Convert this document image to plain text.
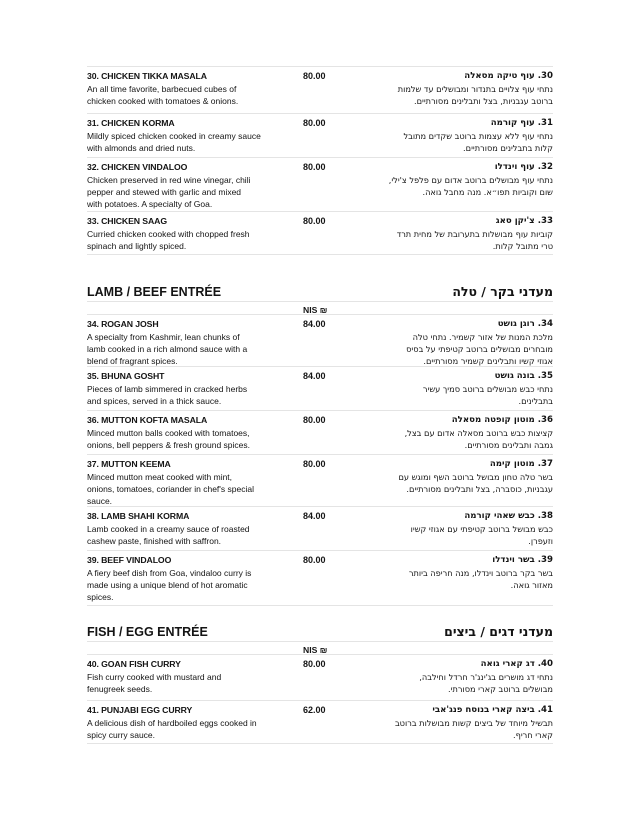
30. CHICKEN TIKKA MASALA
An all time favorite, barbecued cubes of
chicken cooked with tomatoes & onions.
80.00	30. עוף טיקה מסאלה
נתחי עוף צלויים בתנדור ומבושלים עד שלמות
ברוטב עגבניות, בצל ותבלינים מסורתיים.
31. CHICKEN KORMA
Mildly spiced chicken cooked in creamy sauce
with almonds and dried nuts.
80.00	31. עוף קורמה
נתחי עוף ללא עצמות ברוטב שקדים מתובל
קלות בתבלינים מסורתיים.
32. CHICKEN VINDALOO
Chicken preserved in red wine vinegar, chili
pepper and stewed with garlic and mixed
with potatoes. A specialty of Goa.
80.00	32. עוף וינדלו
נתחי עוף מבושלים ברוטב אדום עם פלפל צ'ילי,
שום וקוביות תפו״א. מנה מחבל גואה.
33. CHICKEN SAAG
Curried chicken cooked with chopped fresh
spinach and lightly spiced.
80.00	33. צ'יקן סאג
קוביות עוף מבושלות בתערובת של מחית תרד
טרי מתובל קלות.
LAMB / BEEF ENTRÉE	מעדני בקר / טלה
NIS ₪
34. ROGAN JOSH
A specialty from Kashmir, lean chunks of
lamb cooked in a rich almond sauce with a
blend of fragrant spices.
84.00	34. רוגן גושט
מלכת המנות של אזור קשמיר. נתחי טלה
מובחרים מבושלים ברוטב קטיפתי על בסיס
אגוזי קשיו ותבלינים קשמיר מסורתיים.
35. BHUNA GOSHT
Pieces of lamb simmered in cracked herbs
and spices, served in a thick sauce.
84.00	35. בונה גושט
נתחי כבש מבושלים ברוטב סמיך עשיר
בתבלינים.
36. MUTTON KOFTA MASALA
Minced mutton balls cooked with tomatoes,
onions, bell peppers & fresh ground spices.
80.00	36. מוטון קופטה מסאלה
קציצות כבש ברוטב מסאלה אדום עם בצל,
גמבה ותבלינים מסורתיים.
37. MUTTON KEEMA
Minced mutton meat cooked with mint,
onions, tomatoes, coriander in chef's special
sauce.
80.00	37. מוטון קימה
בשר טלה טחון מבושל ברוטב השף ומוגש עם
עגבניות, כוסברה, בצל ותבלינים מסורתיים.
38. LAMB SHAHI KORMA
Lamb cooked in a creamy sauce of roasted
cashew paste, finished with saffron.
84.00	38. כבש שאהי קורמה
כבש מבושל ברוטב קטיפתי עם אגוזי קשיו
וזעפרן.
39. BEEF VINDALOO
A fiery beef dish from Goa, vindaloo curry is
made using a unique blend of hot aromatic
spices.
80.00	39. בשר וינדלו
בשר בקר ברוטב וינדלו, מנה חריפה ביותר
מאזור גואה.
FISH / EGG ENTRÉE	מעדני דגים / ביצים
NIS ₪
40. GOAN FISH CURRY
Fish curry cooked with mustard and
fenugreek seeds.
80.00	40. דג קארי גואה
נתחי דג מושרים בג'ינג'ר חרדל וחילבה,
מבושלים ברוטב קארי מסורתי.
41. PUNJABI EGG CURRY
A delicious dish of hardboiled eggs cooked in
spicy curry sauce.
62.00	41. ביצה קארי בנוסח פנג'אבי
תבשיל מיוחד של ביצים קשות מבושלות ברוטב
קארי חריף.
